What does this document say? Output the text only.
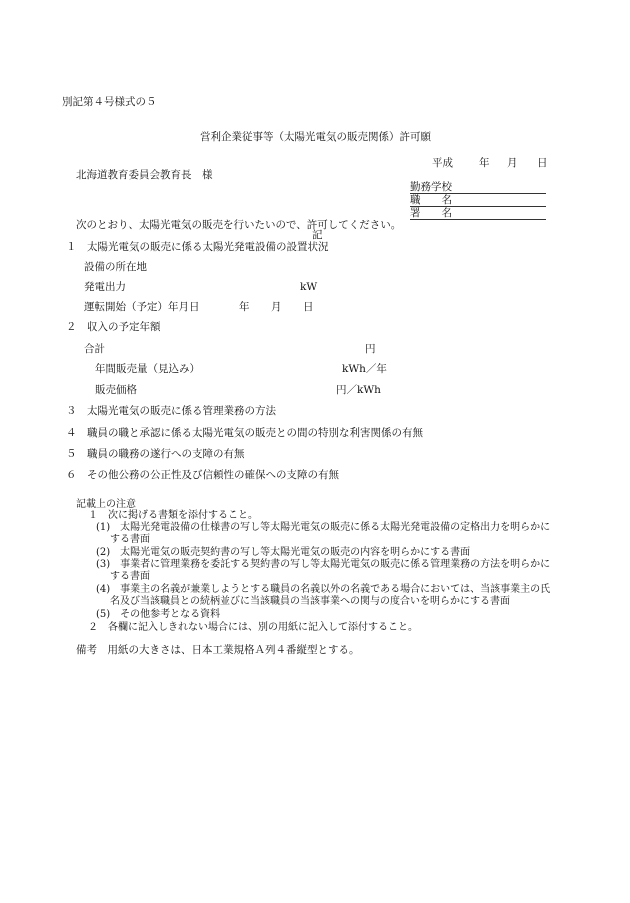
別記第４号様式の５
営利企業従事等（太陽光電気の販売関係）許可願
平成 年 月 日
北海道教育委員会教育長　様
勤務学校
職　　名
署　　名
次のとおり、太陽光電気の販売を行いたいので、許可してください。
記
１　太陽光電気の販売に係る太陽光発電設備の設置状況
設備の所在地
発電出力	kW
運転開始（予定）年月日	年 月 日
２　収入の予定年額
合計	円
年間販売量（見込み）	kWh／年
販売価格	円／kWh
３　太陽光電気の販売に係る管理業務の方法
４　職員の職と承認に係る太陽光電気の販売との間の特別な利害関係の有無
５　職員の職務の遂行への支障の有無
６　その他公務の公正性及び信頼性の確保への支障の有無
記載上の注意
１　次に掲げる書類を添付すること。
(1)　太陽光発電設備の仕様書の写し等太陽光電気の販売に係る太陽光発電設備の定格出力を明らかに
する書面
(2)　太陽光電気の販売契約書の写し等太陽光電気の販売の内容を明らかにする書面
(3)　事業者に管理業務を委託する契約書の写し等太陽光電気の販売に係る管理業務の方法を明らかに
する書面
(4)　事業主の名義が兼業しようとする職員の名義以外の名義である場合においては、当該事業主の氏
名及び当該職員との続柄並びに当該職員の当該事業への関与の度合いを明らかにする書面
(5)　その他参考となる資料
２　各欄に記入しきれない場合には、別の用紙に記入して添付すること。
備考　用紙の大きさは、日本工業規格Ａ列４番縦型とする。
